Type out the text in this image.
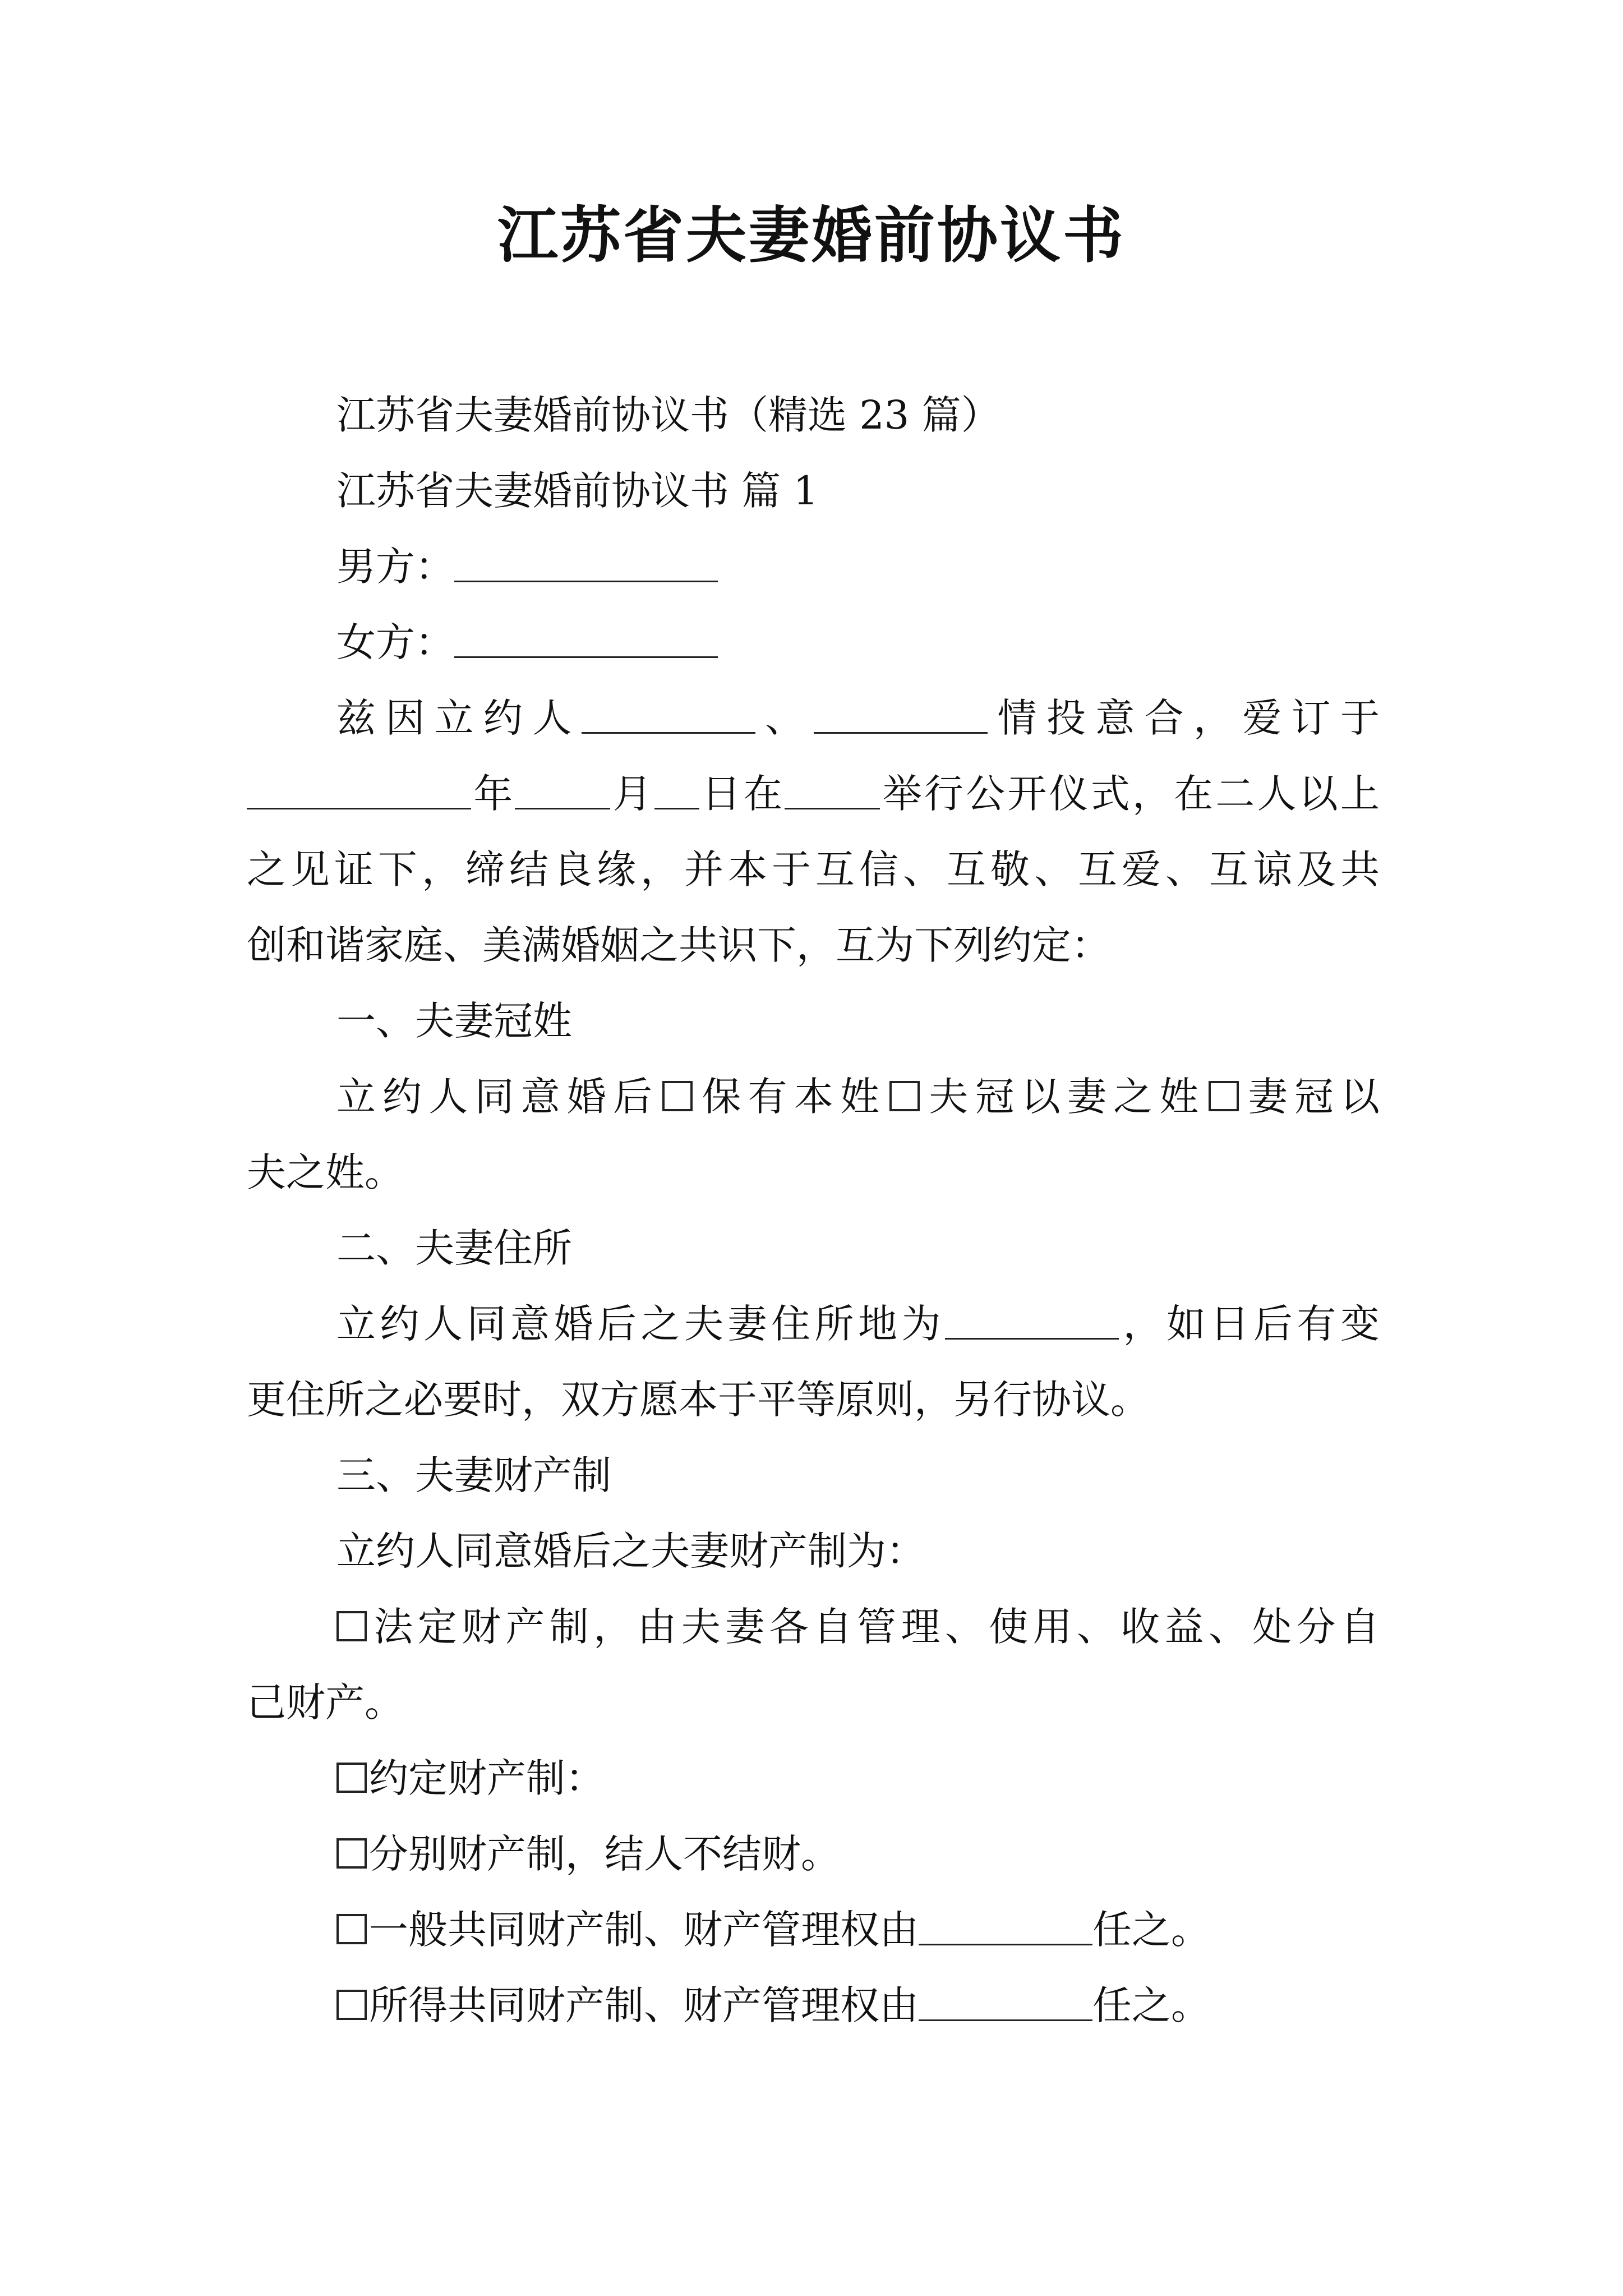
江苏省夫妻婚前协议书
江苏省夫妻婚前协议书（精选 23 篇）
江苏省夫妻婚前协议书 篇 1
男方：
女方：
兹因立约人	、	情投意合，爱订于
年 月 日在 举行公开仪式，在二人以上
之见证下，缔结良缘，并本于互信、互敬、互爱、互谅及共
创和谐家庭、美满婚姻之共识下，互为下列约定：
一、夫妻冠姓
立约人同意婚后 保有本姓 夫冠以妻之姓 妻冠以
夫之姓。
二、夫妻住所
立约人同意婚后之夫妻住所地为	，如日后有变
更住所之必要时，双方愿本于平等原则，另行协议。
三、夫妻财产制
立约人同意婚后之夫妻财产制为：
法定财产制，由夫妻各自管理、使用、收益、处分自
己财产。
约定财产制：
分别财产制，结人不结财。
一般共同财产制、财产管理权由	任之。
所得共同财产制、财产管理权由	任之。
